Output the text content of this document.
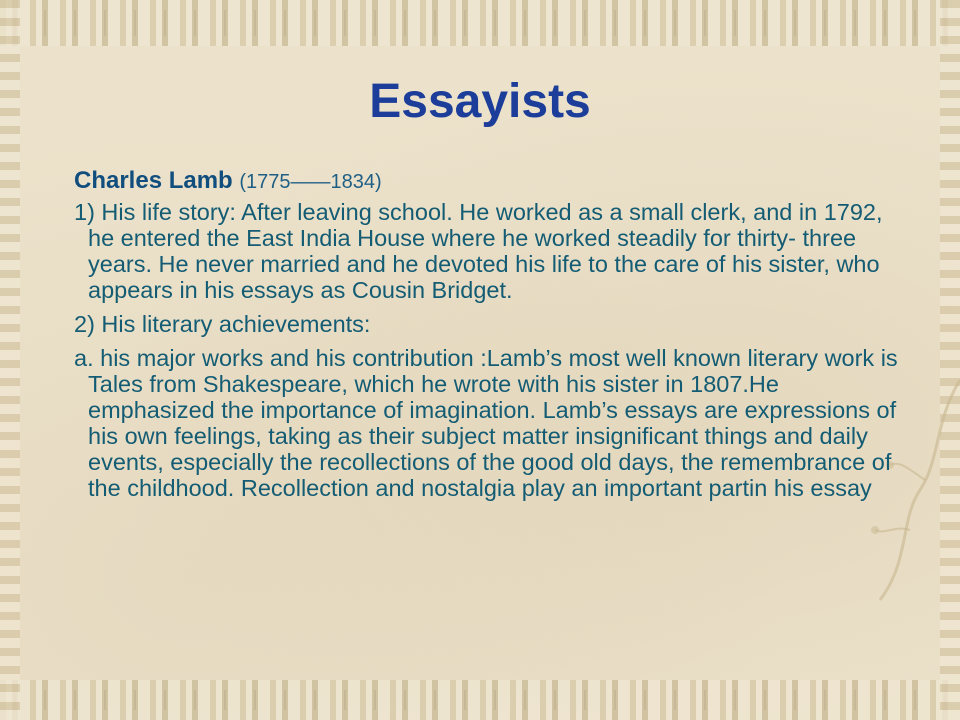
Essayists

Charles Lamb (1775——1834)

1) His life story: After leaving school. He worked as a small clerk, and in 1792, he entered the East India House where he worked steadily for thirty- three years. He never married and he devoted his life to the care of his sister, who appears in his essays as Cousin Bridget.

2) His literary achievements:

a. his major works and his contribution :Lamb’s most well known literary work is Tales from Shakespeare, which he wrote with his sister in 1807.He emphasized the importance of imagination. Lamb’s essays are expressions of his own feelings, taking as their subject matter insignificant things and daily events, especially the recollections of the good old days, the remembrance of the childhood. Recollection and nostalgia play an important partin his essay
